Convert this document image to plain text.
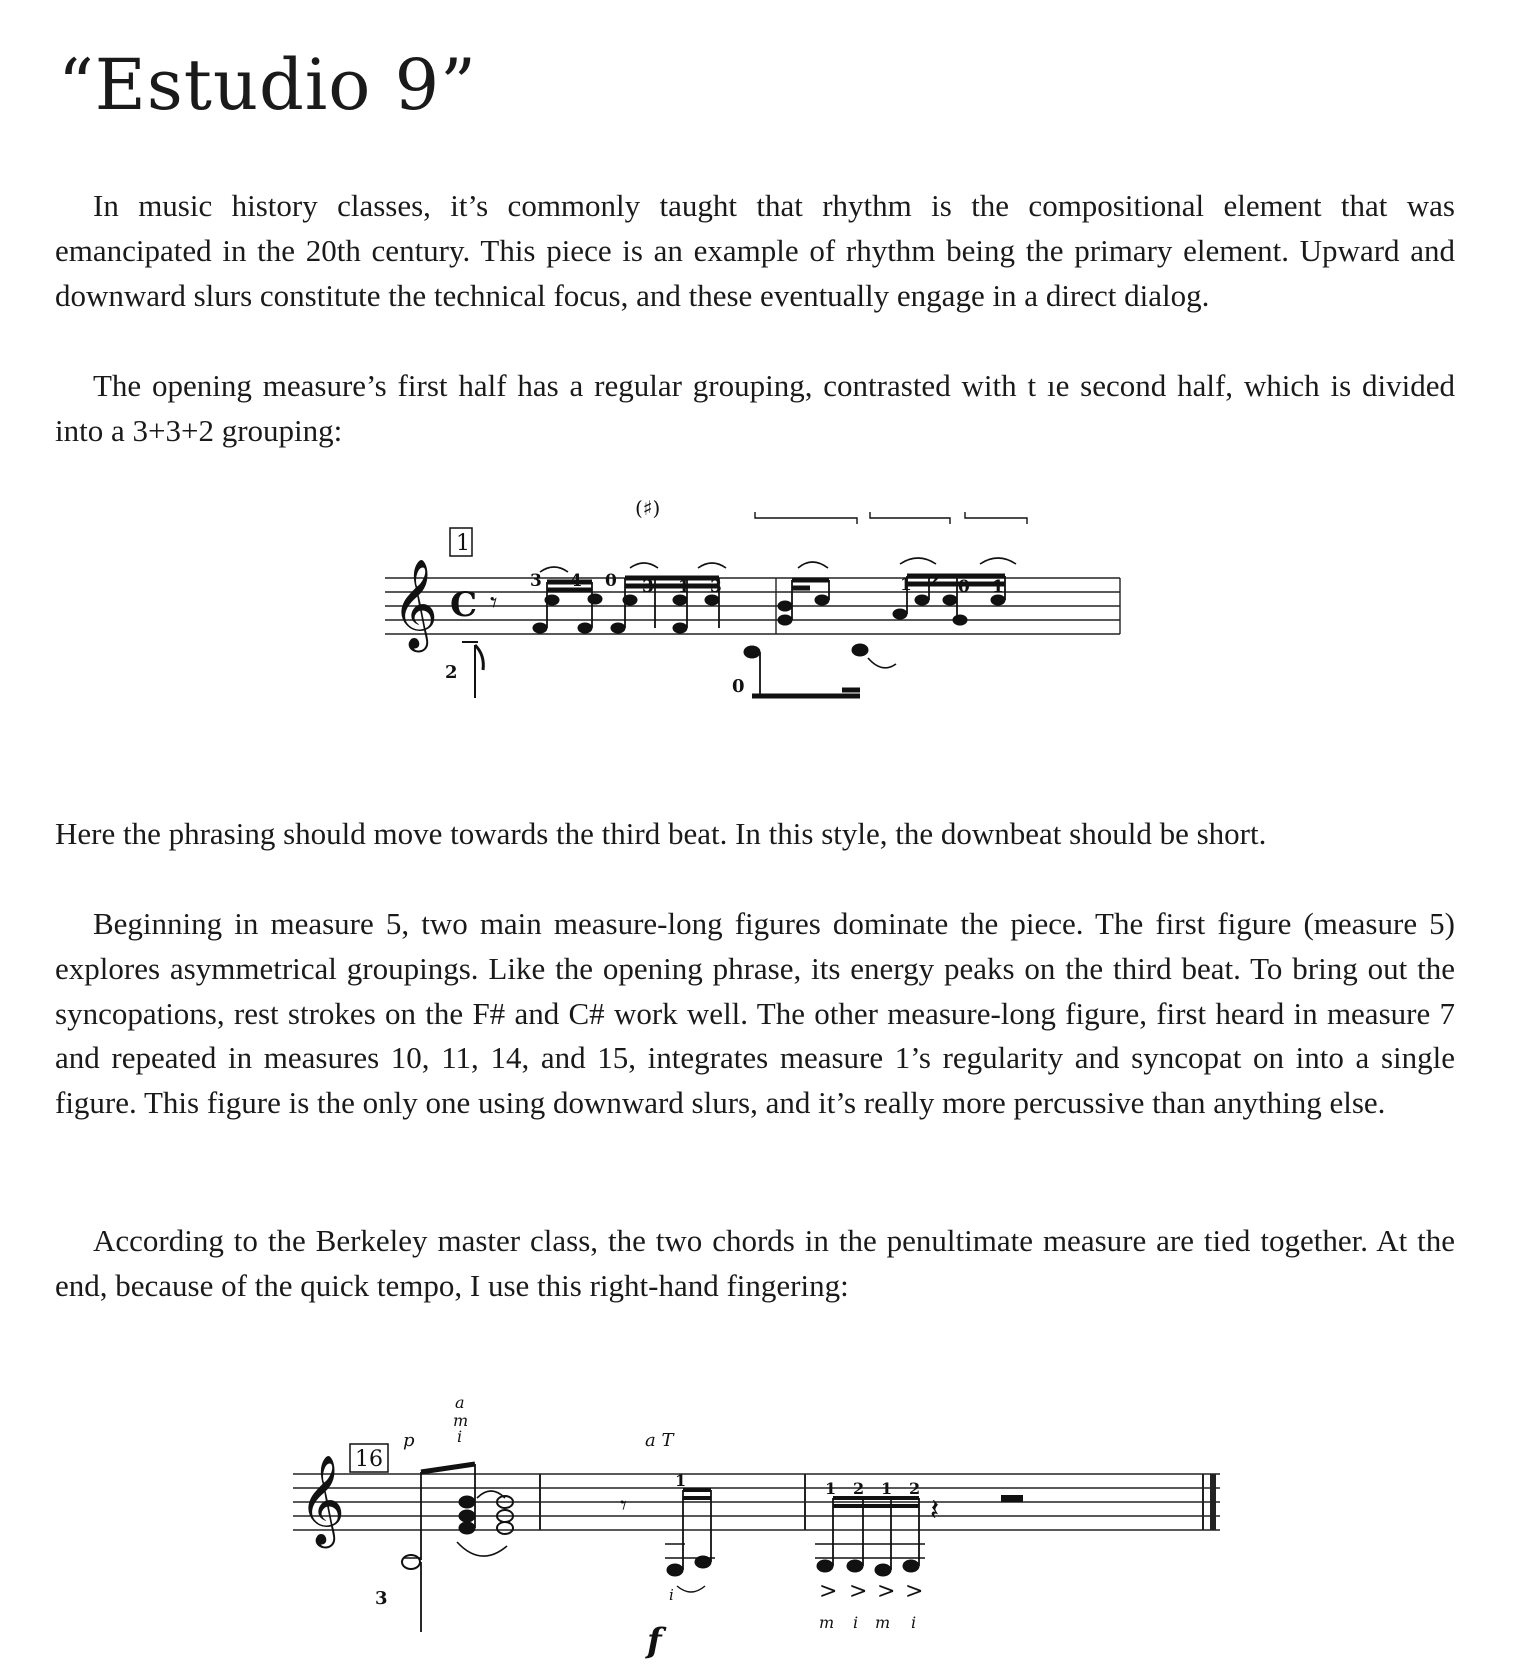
“Estudio 9”

In music history classes, it’s commonly taught that rhythm is the compositional element that was emancipated in the 20th century. This piece is an example of rhythm being the primary element. Upward and downward slurs constitute the technical focus, and these eventually engage in a direct dialog.

The opening measure’s first half has a regular grouping, contrasted with t ıe second half, which is divided into a 3+3+2 grouping:

𝄞 C 𝄾
1
(♯)
2
3 4 0 3 1 3
0
1 2 0 1

Here the phrasing should move towards the third beat. In this style, the downbeat should be short.

Beginning in measure 5, two main measure-long figures dominate the piece. The first figure (measure 5) explores asymmetrical groupings. Like the opening phrase, its energy peaks on the third beat. To bring out the syncopations, rest strokes on the F# and C# work well. The other measure-long figure, first heard in measure 7 and repeated in measures 10, 11, 14, and 15, integrates measure 1’s regularity and syncopat on into a single figure. This figure is the only one using downward slurs, and it’s really more percussive than anything else.

According to the Berkeley master class, the two chords in the penultimate measure are tied together. At the end, because of the quick tempo, I use this right-hand fingering:

𝄞 16
p
a
m
i
3
a T
𝄾
1
i
f
1 2 1 2
> > > >
m i m i
𝄽
